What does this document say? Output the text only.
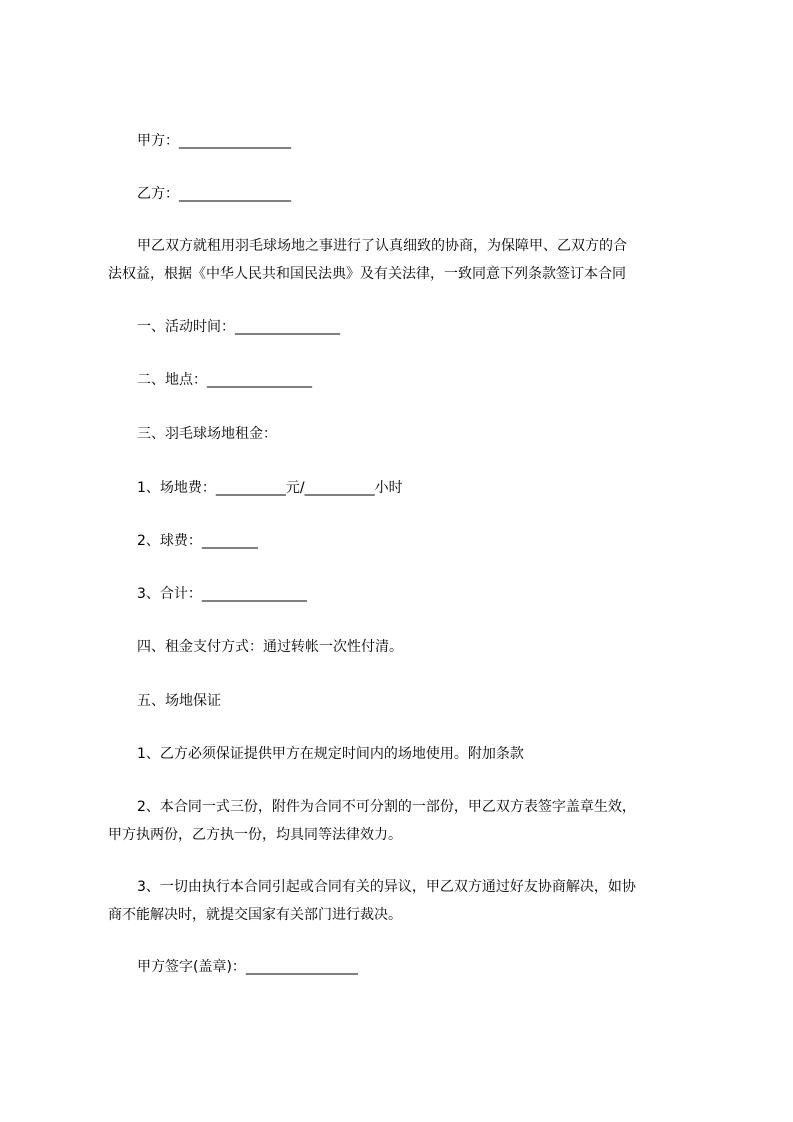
甲方：________________
乙方：________________
甲乙双方就租用羽毛球场地之事进行了认真细致的协商，为保障甲、乙双方的合
法权益，根据《中华人民共和国民法典》及有关法律，一致同意下列条款签订本合同
一、活动时间：_______________
二、地点：_______________
三、羽毛球场地租金：
1、场地费：__________元/__________小时
2、球费：________
3、合计：_______________
四、租金支付方式：通过转帐一次性付清。
五、场地保证
1、乙方必须保证提供甲方在规定时间内的场地使用。附加条款
2、本合同一式三份，附件为合同不可分割的一部份，甲乙双方表签字盖章生效，
甲方执两份，乙方执一份，均具同等法律效力。
3、一切由执行本合同引起或合同有关的异议，甲乙双方通过好友协商解决，如协
商不能解决时，就提交国家有关部门进行裁决。
甲方签字(盖章)：________________
